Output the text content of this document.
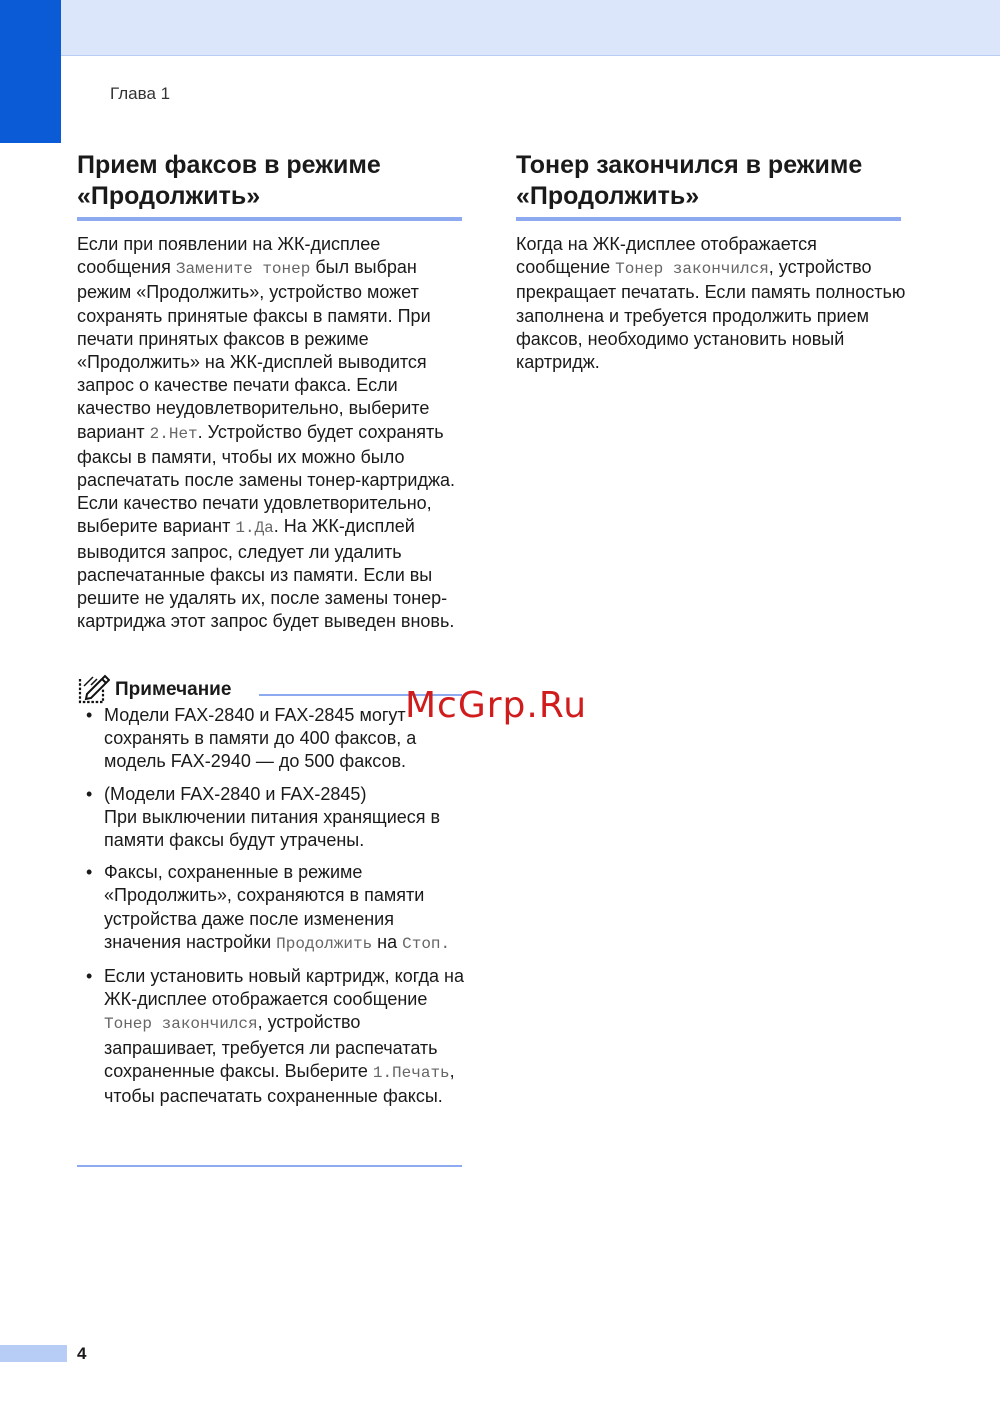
Глава 1
Прием факсов в режиме
«Продолжить»
Если при появлении на ЖК-дисплее сообщения Замените тонер был выбран режим «Продолжить», устройство может сохранять принятые факсы в памяти. При печати принятых факсов в режиме «Продолжить» на ЖК-дисплей выводится запрос о качестве печати факса. Если качество неудовлетворительно, выберите вариант 2.Нет. Устройство будет сохранять факсы в памяти, чтобы их можно было распечатать после замены тонер-картриджа. Если качество печати удовлетворительно, выберите вариант 1.Да. На ЖК-дисплей выводится запрос, следует ли удалить распечатанные факсы из памяти. Если вы решите не удалять их, после замены тонер-картриджа этот запрос будет выведен вновь.
Примечание
• Модели FAX-2840 и FAX-2845 могут сохранять в памяти до 400 факсов, а модель FAX-2940 — до 500 факсов.
• (Модели FAX-2840 и FAX-2845)
При выключении питания хранящиеся в памяти факсы будут утрачены.
• Факсы, сохраненные в режиме «Продолжить», сохраняются в памяти устройства даже после изменения значения настройки Продолжить на Стоп.
• Если установить новый картридж, когда на ЖК-дисплее отображается сообщение Тонер закончился, устройство запрашивает, требуется ли распечатать сохраненные факсы. Выберите 1.Печать, чтобы распечатать сохраненные факсы.
Тонер закончился в режиме
«Продолжить»
Когда на ЖК-дисплее отображается сообщение Тонер закончился, устройство прекращает печатать. Если память полностью заполнена и требуется продолжить прием факсов, необходимо установить новый картридж.
McGrp.Ru
4
